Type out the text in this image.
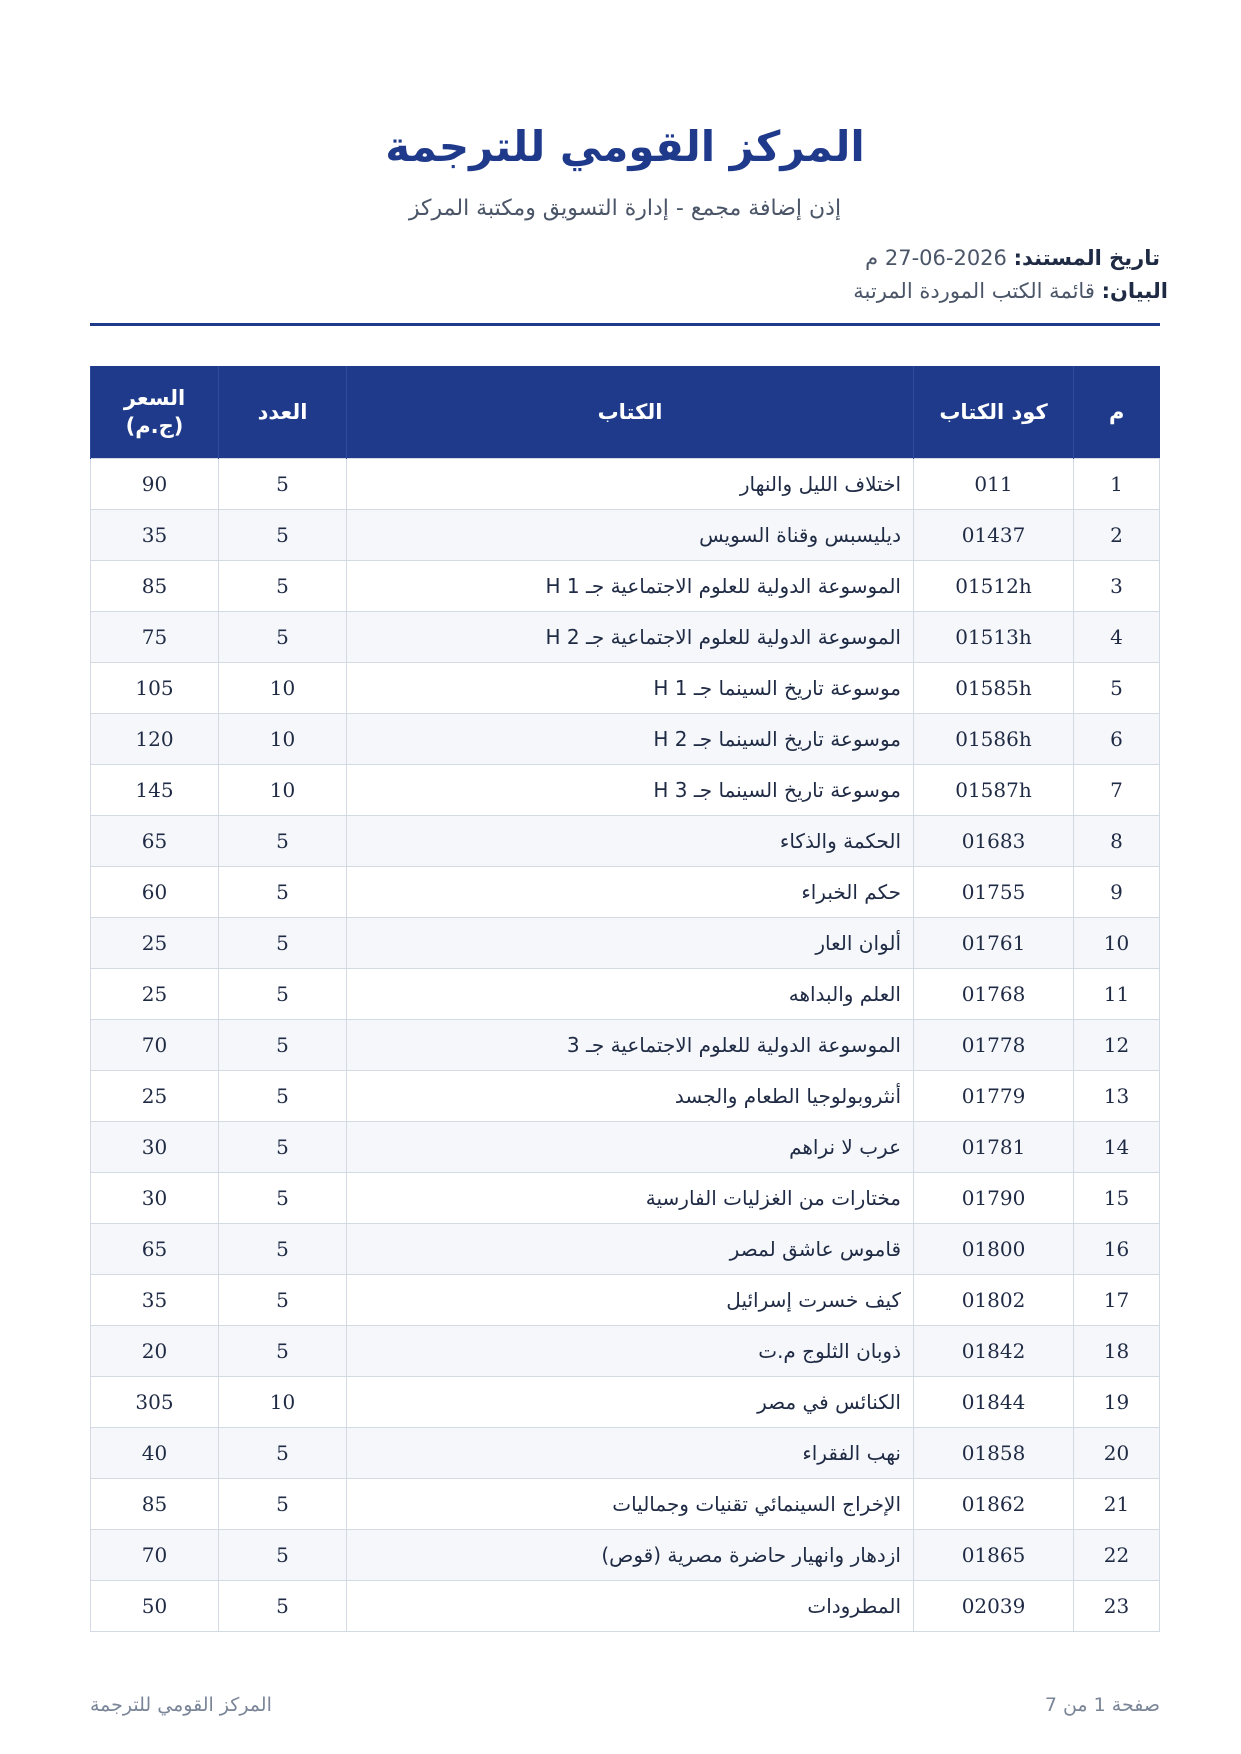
المركز القومي للترجمة
إذن إضافة مجمع - إدارة التسويق ومكتبة المركز
تاريخ المستند: 2026-06-27 م
البيان: قائمة الكتب الموردة المرتبة
م	كود الكتاب	الكتاب	العدد	السعر (ج.م)
1	011	اختلاف الليل والنهار	5	90
2	01437	ديليسبس وقناة السويس	5	35
3	01512h	الموسوعة الدولية للعلوم الاجتماعية جـ 1 H	5	85
4	01513h	الموسوعة الدولية للعلوم الاجتماعية جـ 2 H	5	75
5	01585h	موسوعة تاريخ السينما جـ 1 H	10	105
6	01586h	موسوعة تاريخ السينما جـ 2 H	10	120
7	01587h	موسوعة تاريخ السينما جـ 3 H	10	145
8	01683	الحكمة والذكاء	5	65
9	01755	حكم الخبراء	5	60
10	01761	ألوان العار	5	25
11	01768	العلم والبداهه	5	25
12	01778	الموسوعة الدولية للعلوم الاجتماعية جـ 3	5	70
13	01779	أنثروبولوجيا الطعام والجسد	5	25
14	01781	عرب لا نراهم	5	30
15	01790	مختارات من الغزليات الفارسية	5	30
16	01800	قاموس عاشق لمصر	5	65
17	01802	كيف خسرت إسرائيل	5	35
18	01842	ذوبان الثلوج م.ت	5	20
19	01844	الكنائس في مصر	10	305
20	01858	نهب الفقراء	5	40
21	01862	الإخراج السينمائي تقنيات وجماليات	5	85
22	01865	ازدهار وانهيار حاضرة مصرية (قوص)	5	70
23	02039	المطرودات	5	50
صفحة 1 من 7
المركز القومي للترجمة
